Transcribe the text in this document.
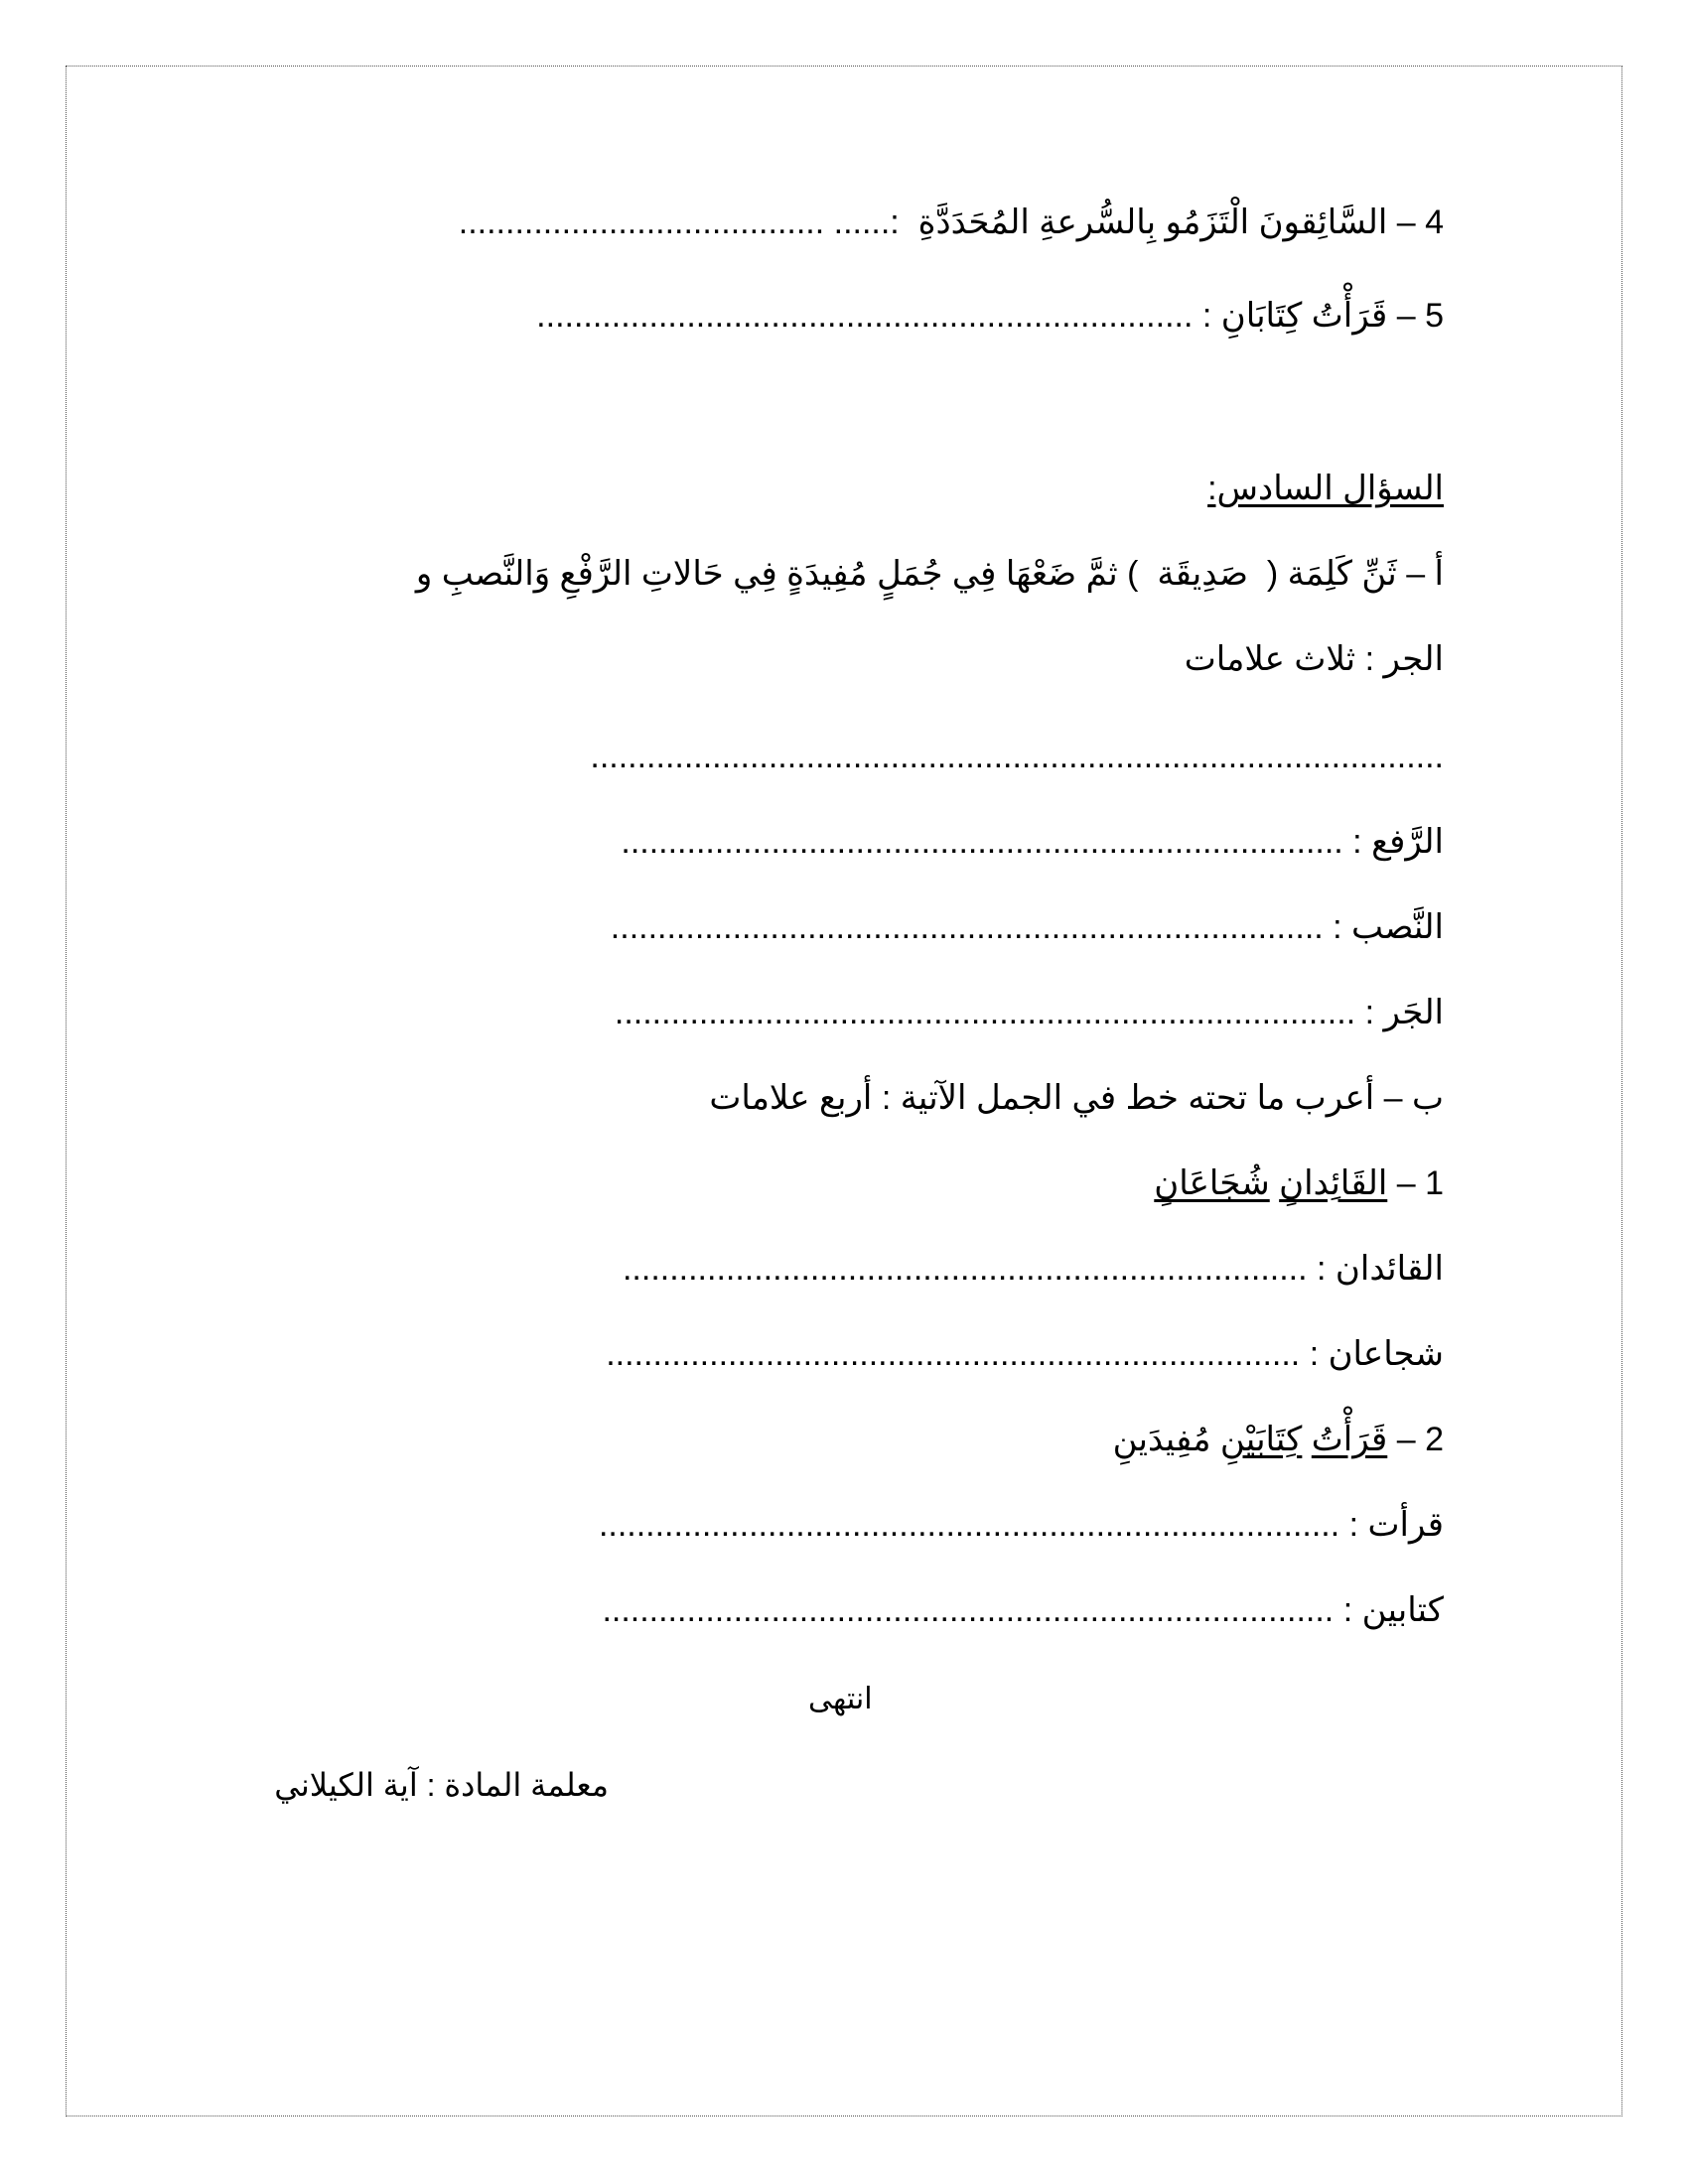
4 – السَّائِقونَ الْتَزَمُو بِالسُّرعةِ المُحَدَدَّةِ  :...... .......................................
5 – قَرَأْتُ كِتَابَانِ : ......................................................................
السؤال السادس:
أ – ثَنِّ كَلِمَة (  صَدِيقَة  ) ثمَّ ضَعْهَا فِي جُمَلٍ مُفِيدَةٍ فِي حَالاتِ الرَّفْعِ وَالنَّصبِ و
الجر : ثلاث علامات
...........................................................................................
الرَّفع : .............................................................................
النَّصب : ............................................................................
الجَر : ...............................................................................
ب – أعرب ما تحته خط في الجمل الآتية : أربع علامات
1 – القَائِدانِ شُجَاعَانِ
القائدان : .........................................................................
شجاعان : ..........................................................................
2 – قَرَأْتُ كِتَابَيْنِ مُفِيدَينِ
قرأت : ...............................................................................
كتابين : ..............................................................................
انتهى
معلمة المادة : آية الكيلاني
